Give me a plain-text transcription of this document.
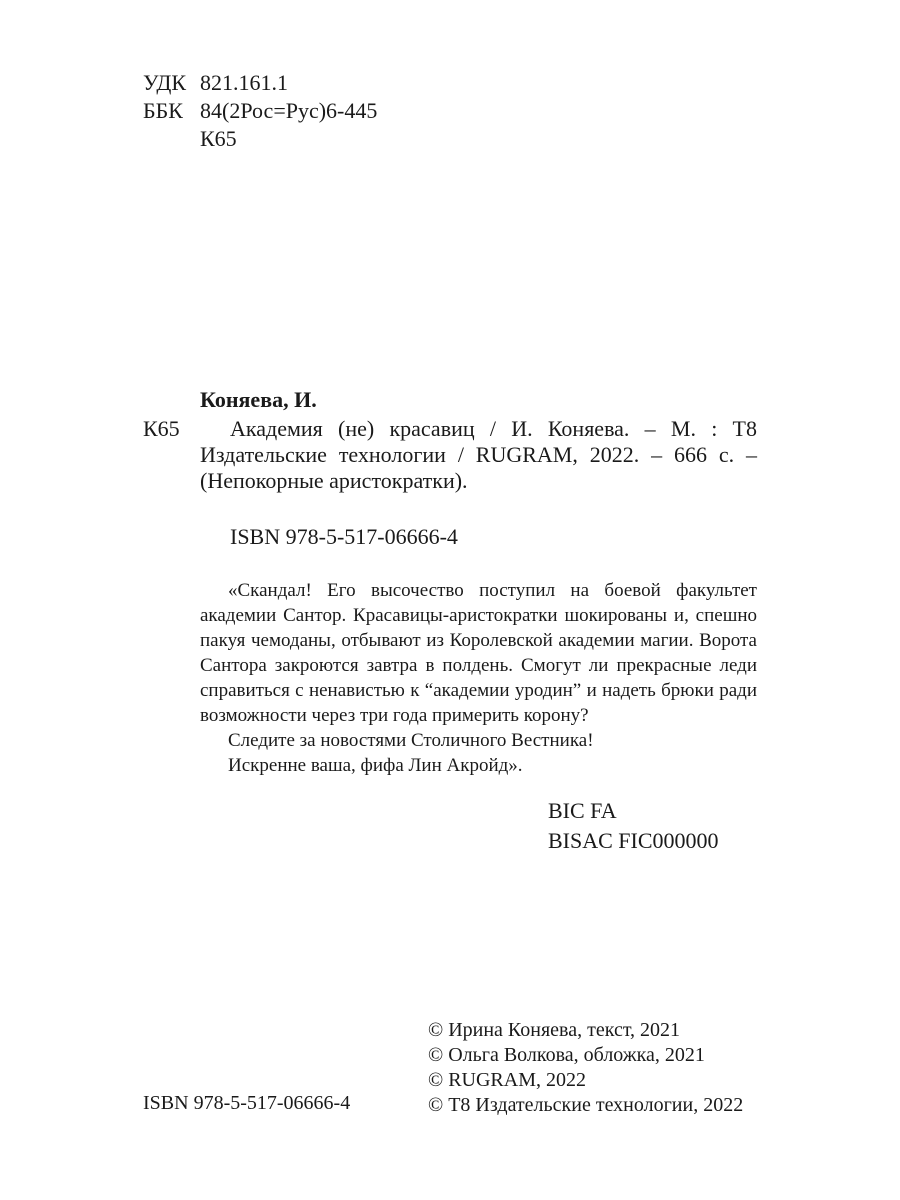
УДК 821.161.1
ББК 84(2Рос=Рус)6-445
К65
Коняева, И.
К65	Академия (не) красавиц / И. Коняева. – М. : Т8 Издательские технологии / RUGRAM, 2022. – 666 с. – (Непокорные аристократки).
ISBN 978-5-517-06666-4

«Скандал! Его высочество поступил на боевой факультет академии Сантор. Красавицы-аристократки шокированы и, спешно пакуя чемоданы, отбывают из Королевской академии магии. Ворота Сантора закроются завтра в полдень. Смогут ли прекрасные леди справиться с ненавистью к “академии уродин” и надеть брюки ради возможности через три года примерить корону?

Следите за новостями Столичного Вестника!

Искренне ваша, фифа Лин Акройд».

BIC FA
BISAC FIC000000
© Ирина Коняева, текст, 2021
© Ольга Волкова, обложка, 2021
© RUGRAM, 2022
© Т8 Издательские технологии, 2022
ISBN 978-5-517-06666-4
